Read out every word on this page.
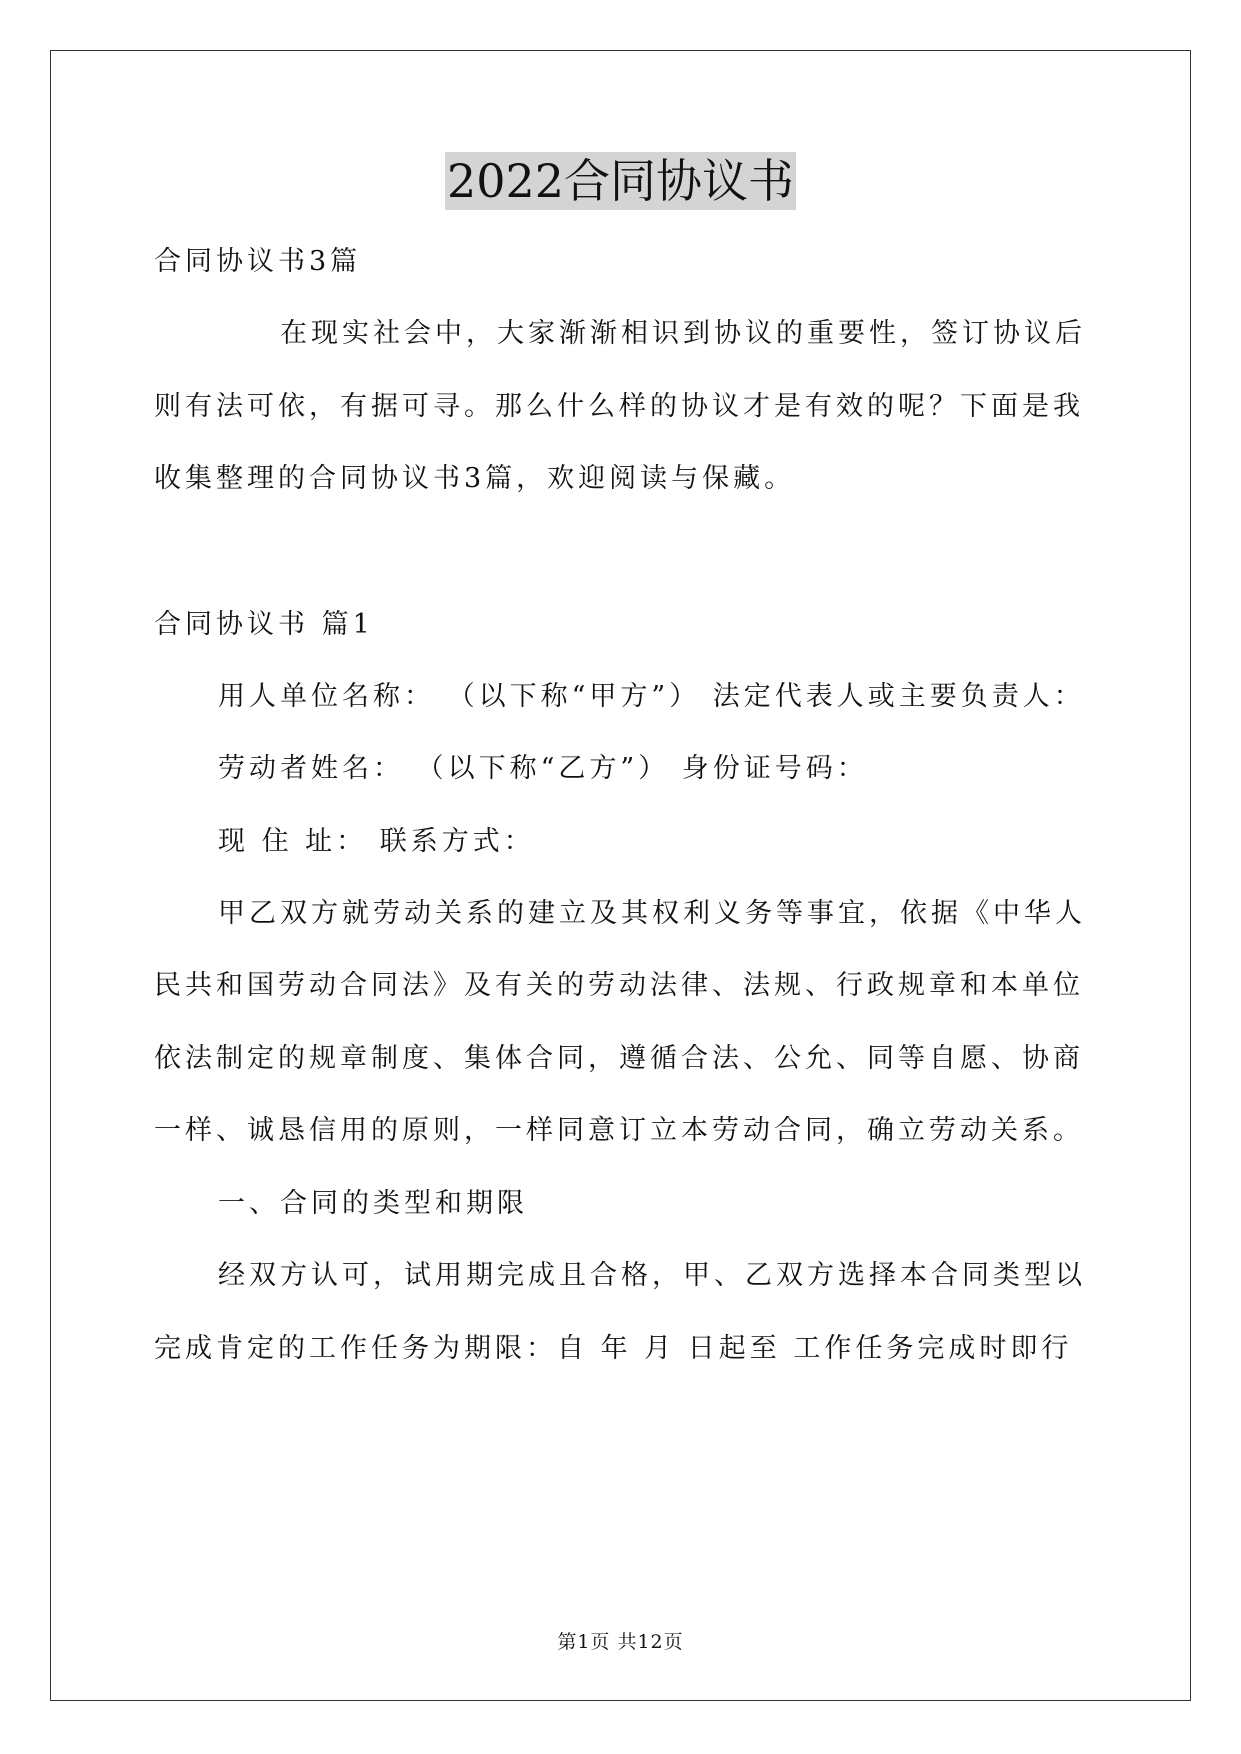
2022合同协议书
合同协议书3篇
在现实社会中，大家渐渐相识到协议的重要性，签订协议后
则有法可依，有据可寻。那么什么样的协议才是有效的呢？下面是我
收集整理的合同协议书3篇，欢迎阅读与保藏。
合同协议书 篇1
用人单位名称： （以下称“甲方”） 法定代表人或主要负责人：
劳动者姓名： （以下称“乙方”） 身份证号码：
现 住 址： 联系方式：
甲乙双方就劳动关系的建立及其权利义务等事宜，依据《中华人
民共和国劳动合同法》及有关的劳动法律、法规、行政规章和本单位
依法制定的规章制度、集体合同，遵循合法、公允、同等自愿、协商
一样、诚恳信用的原则，一样同意订立本劳动合同，确立劳动关系。
一、合同的类型和期限
经双方认可，试用期完成且合格，甲、乙双方选择本合同类型以
完成肯定的工作任务为期限：自 年 月 日起至 工作任务完成时即行
第1页 共12页
